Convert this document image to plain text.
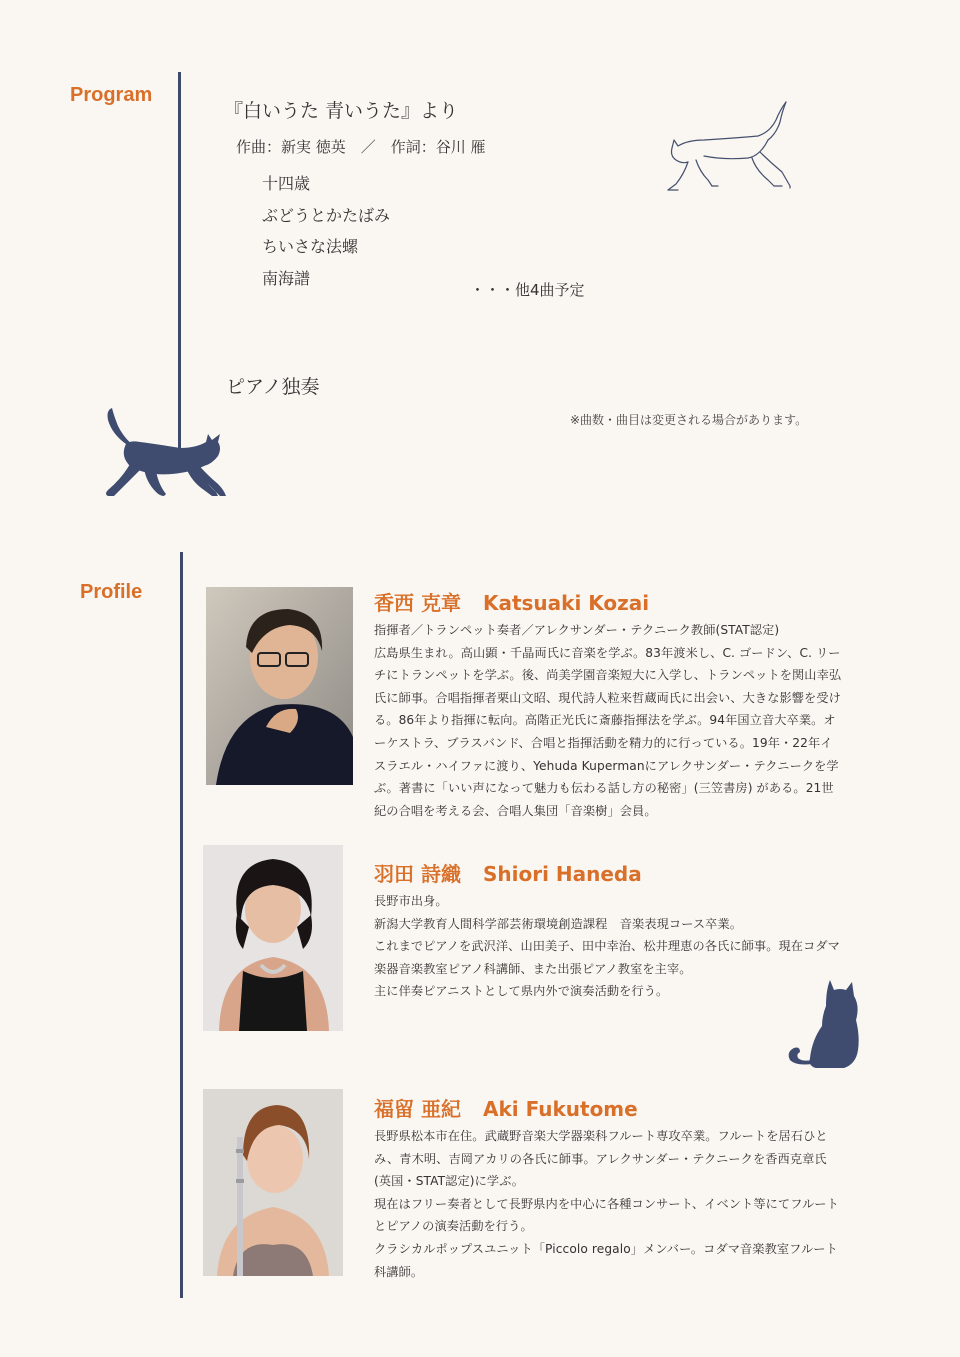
Program
『白いうた 青いうた』より
作曲：新実 徳英　／　作詞：谷川 雁
十四歳
ぶどうとかたばみ
ちいさな法螺
南海譜
・・・他4曲予定
ピアノ独奏
※曲数・曲目は変更される場合があります。
Profile	香西 克章 Katsuaki Kozai

指揮者／トランペット奏者／アレクサンダー・テクニーク教師(STAT認定)

広島県生まれ。高山顕・千晶両氏に音楽を学ぶ。83年渡米し、C. ゴードン、C. リーチにトランペットを学ぶ。後、尚美学園音楽短大に入学し、トランペットを関山幸弘氏に師事。合唱指揮者栗山文昭、現代詩人粒来哲蔵両氏に出会い、大きな影響を受ける。86年より指揮に転向。高階正光氏に斎藤指揮法を学ぶ。94年国立音大卒業。オーケストラ、ブラスバンド、合唱と指揮活動を精力的に行っている。19年・22年イスラエル・ハイファに渡り、Yehuda Kupermanにアレクサンダー・テクニークを学ぶ。著書に「いい声になって魅力も伝わる話し方の秘密」(三笠書房) がある。21世紀の合唱を考える会、合唱人集団「音楽樹」会員。

羽田 詩織 Shiori Haneda

長野市出身。

新潟大学教育人間科学部芸術環境創造課程　音楽表現コース卒業。

これまでピアノを武沢洋、山田美子、田中幸治、松井理恵の各氏に師事。現在コダマ楽器音楽教室ピアノ科講師、また出張ピアノ教室を主宰。

主に伴奏ピアニストとして県内外で演奏活動を行う。

福留 亜紀 Aki Fukutome

長野県松本市在住。武蔵野音楽大学器楽科フルート専攻卒業。フルートを居石ひとみ、青木明、吉岡アカリの各氏に師事。アレクサンダー・テクニークを香西克章氏(英国・STAT認定)に学ぶ。

現在はフリー奏者として長野県内を中心に各種コンサート、イベント等にてフルートとピアノの演奏活動を行う。

クラシカルポップスユニット「Piccolo regalo」メンバー。コダマ音楽教室フルート科講師。
